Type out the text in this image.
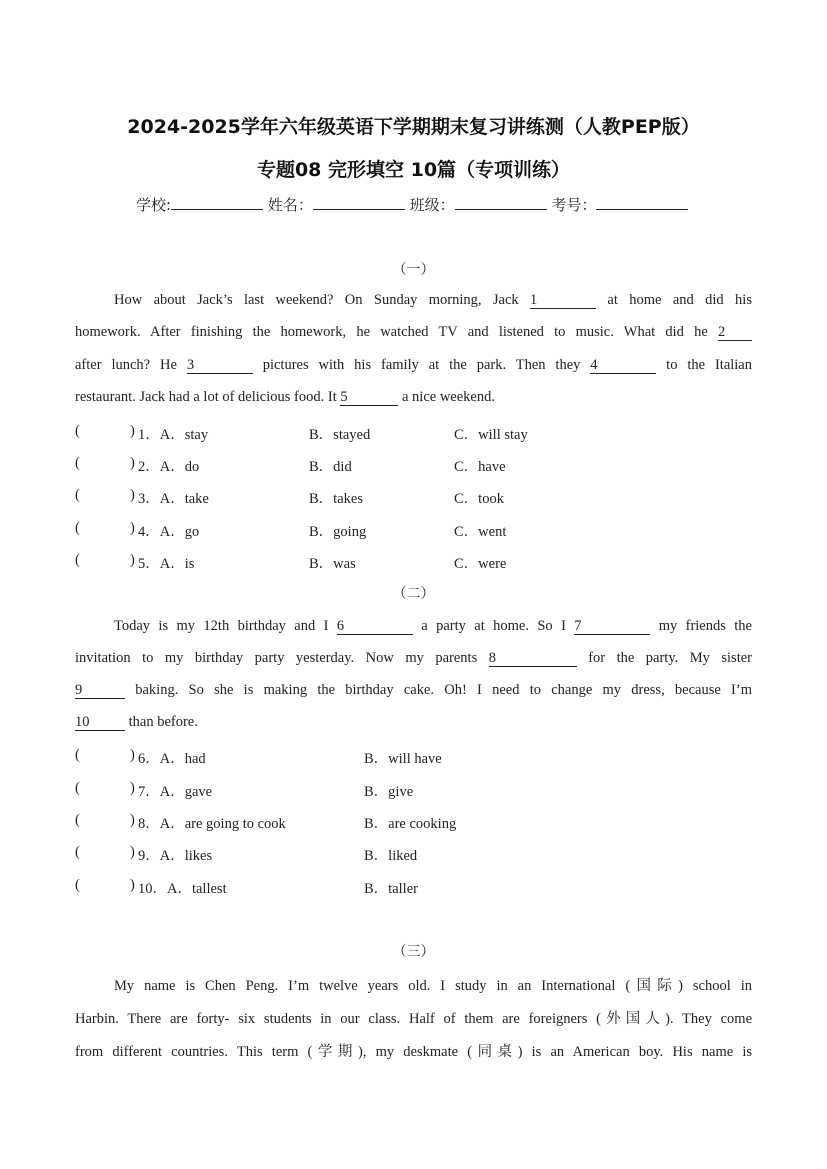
2024-2025学年六年级英语下学期期末复习讲练测（人教PEP版）
专题08 完形填空 10篇（专项训练）
学校:	姓名：	班级：	考号：
（一）
How about Jack’s last weekend? On Sunday morning, Jack 1	at home and did his
homework. After finishing the homework, he watched TV and listened to music. What did he 2
after lunch? He 3	pictures with his family at the park. Then they 4	to the Italian
restaurant. Jack had a lot of delicious food. It 5	a nice weekend.
(	) 1．A．stay	B．stayed	C．will stay
(	) 2．A．do	B．did	C．have
(	) 3．A．take	B．takes	C．took
(	) 4．A．go	B．going	C．went
(	) 5．A．is	B．was	C．were
（二）
Today is my 12th birthday and I 6	a party at home. So I 7	my friends the
invitation to my birthday party yesterday. Now my parents 8	for the party. My sister
9	baking. So she is making the birthday cake. Oh! I need to change my dress, because I’m
10 than before.
(	) 6．A．had	B．will have
(	) 7．A．gave	B．give
(	) 8．A．are going to cook	B．are cooking
(	) 9．A．likes	B．liked
(	) 10．A．tallest	B．taller
（三）
My name is Chen Peng. I’m twelve years old. I study in an International (国际) school in
Harbin. There are forty- six students in our class. Half of them are foreigners (外国人). They come
from different countries. This term (学期), my deskmate (同桌) is an American boy. His name is
